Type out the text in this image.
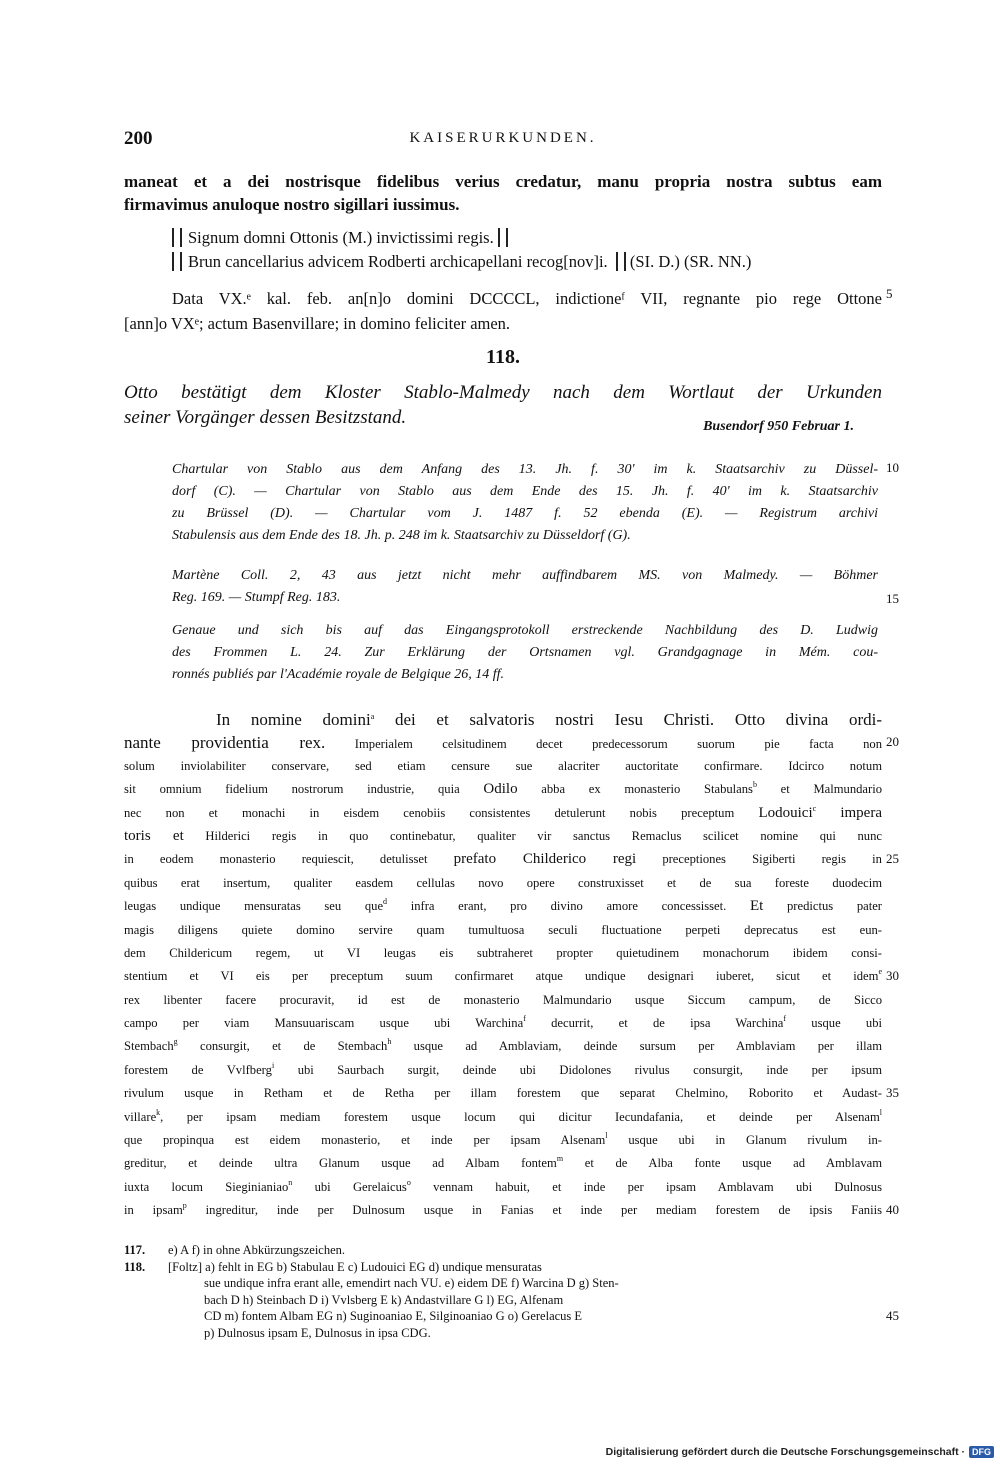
200	KAISERURKUNDEN.
maneat et a dei nostrisque fidelibus verius credatur, manu propria nostra subtus eam
firmavimus anuloque nostro sigillari iussimus.
Signum domni Ottonis (M.) invictissimi regis.
Brun cancellarius advicem Rodberti archicapellani recog[nov]i. (SI. D.) (SR. NN.)
Data VX.ᵉ kal. feb. an[n]o domini DCCCCL, indictioneᶠ VII, regnante pio rege Ottone
[ann]o VXᵉ; actum Basenvillare; in domino feliciter amen.
118.
Otto bestätigt dem Kloster Stablo-Malmedy nach dem Wortlaut der Urkunden
seiner Vorgänger dessen Besitzstand.	Busendorf 950 Februar 1.
Chartular von Stablo aus dem Anfang des 13. Jh. f. 30' im k. Staatsarchiv zu Düssel-
dorf (C). — Chartular von Stablo aus dem Ende des 15. Jh. f. 40' im k. Staatsarchiv
zu Brüssel (D). — Chartular vom J. 1487 f. 52 ebenda (E). — Registrum archivi
Stabulensis aus dem Ende des 18. Jh. p. 248 im k. Staatsarchiv zu Düsseldorf (G).
Martène Coll. 2, 43 aus jetzt nicht mehr auffindbarem MS. von Malmedy. — Böhmer
Reg. 169. — Stumpf Reg. 183.
Genaue und sich bis auf das Eingangsprotokoll erstreckende Nachbildung des D. Ludwig
des Frommen L. 24. Zur Erklärung der Ortsnamen vgl. Grandgagnage in Mém. cou-
ronnés publiés par l'Académie royale de Belgique 26, 14 ff.
In nomine domini$^a$ dei et salvatoris nostri Iesu Christi. Otto divina ordi-
nante providentia rex. Imperialem celsitudinem decet predecessorum suorum pie facta non
solum inviolabiliter conservare, sed etiam censure sue alacriter auctoritate confirmare. Idcirco notum
sit omnium fidelium nostrorum industrie, quia Odilo abba ex monasterio Stabulans$^b$ et Malmundario
nec non et monachi in eisdem cenobiis consistentes detulerunt nobis preceptum Lodouici$^c$ impera
toris et Hilderici regis in quo continebatur, qualiter vir sanctus Remaclus scilicet nomine qui nunc
in eodem monasterio requiescit, detulisset prefato Childerico regi preceptiones Sigiberti regis in
quibus erat insertum, qualiter easdem cellulas novo opere construxisset et de sua foreste duodecim
leugas undique mensuratas seu que$^d$ infra erant, pro divino amore concessisset. Et predictus pater
magis diligens quiete domino servire quam tumultuosa seculi fluctuatione perpeti deprecatus est eun-
dem Childericum regem, ut VI leugas eis subtraheret propter quietudinem monachorum ibidem consi-
stentium et VI eis per preceptum suum confirmaret atque undique designari iuberet, sicut et idem$^e$
rex libenter facere procuravit, id est de monasterio Malmundario usque Siccum campum, de Sicco
campo per viam Mansuuariscam usque ubi Warchina$^f$ decurrit, et de ipsa Warchina$^f$ usque ubi
Stembach$^g$ consurgit, et de Stembach$^h$ usque ad Amblaviam, deinde sursum per Amblaviam per illam
forestem de Vvlfberg$^i$ ubi Saurbach surgit, deinde ubi Didolones rivulus consurgit, inde per ipsum
rivulum usque in Retham et de Retha per illam forestem que separat Chelmino, Roborito et Audast-
villare$^k$, per ipsam mediam forestem usque locum qui dicitur Iecundafania, et deinde per Alsenam$^l$
que propinqua est eidem monasterio, et inde per ipsam Alsenam$^l$ usque ubi in Glanum rivulum in-
greditur, et deinde ultra Glanum usque ad Albam fontem$^m$ et de Alba fonte usque ad Amblavam
iuxta locum Sieginianiao$^n$ ubi Gerelaicus$^o$ vennam habuit, et inde per ipsam Amblavam ubi Dulnosus
in ipsam$^p$ ingreditur, inde per Dulnosum usque in Fanias et inde per mediam forestem de ipsis Faniis
117. e) A f) in ohne Abkürzungszeichen.
118. [Foltz] a) fehlt in EG b) Stabulau E c) Ludouici EG d) undique mensuratas
sue undique infra erant alle, emendirt nach VU. e) eidem DE f) Warcina D g) Sten-
bach D h) Steinbach D i) Vvlsberg E k) Andastvillare G l) EG, Alfenam
CD m) fontem Albam EG n) Suginoaniao E, Silginoaniao G o) Gerelacus E
p) Dulnosus ipsam E, Dulnosus in ipsa CDG.
5
10
15
20
25
30
35
40
45
Digitalisierung gefördert durch die Deutsche Forschungsgemeinschaft · DFG
